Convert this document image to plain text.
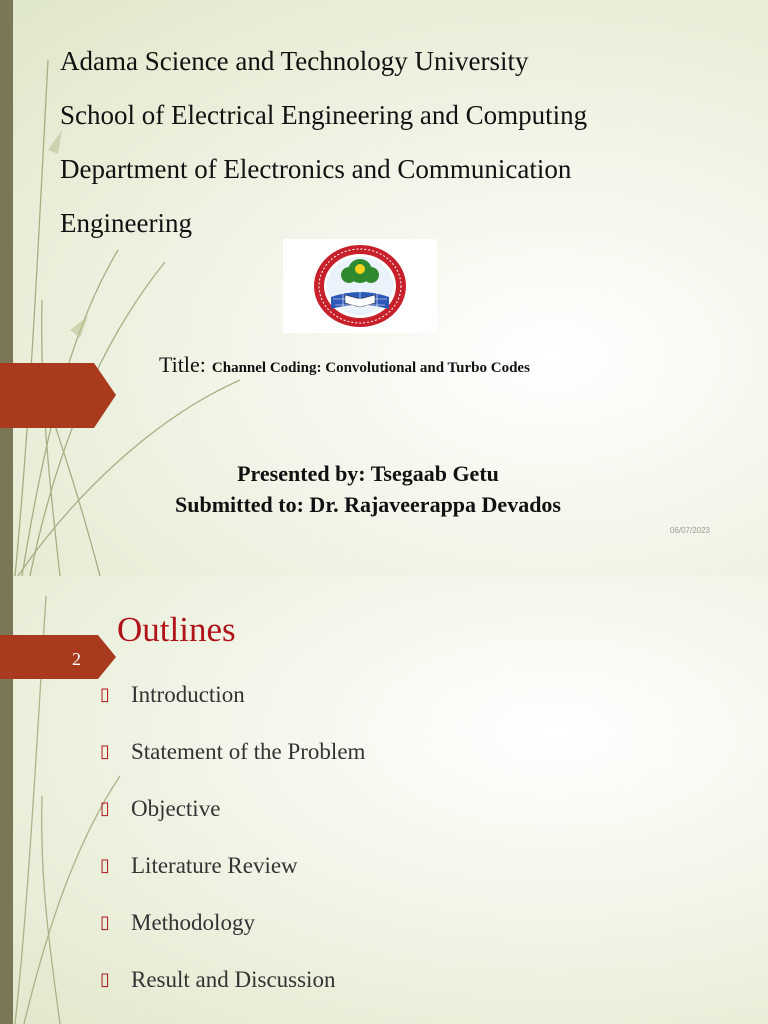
Adama Science and Technology University
School of Electrical Engineering and Computing
Department of Electronics and Communication
Engineering
Title: Channel Coding: Convolutional and Turbo Codes
Presented by: Tsegaab Getu
Submitted to: Dr. Rajaveerappa Devados
06/07/2023
Outlines
2
▯ Introduction
▯ Statement of the Problem
▯ Objective
▯ Literature Review
▯ Methodology
▯ Result and Discussion
